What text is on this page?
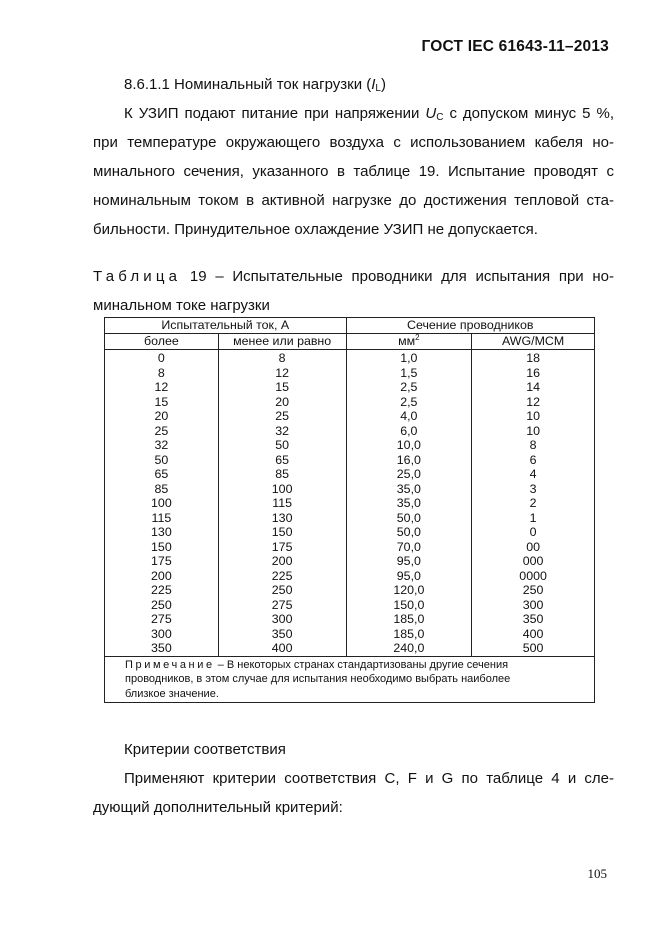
ГОСТ IEC 61643-11–2013
8.6.1.1 Номинальный ток нагрузки $(I_L)$
К УЗИП подают питание при напряжении $U_C$ с допуском минус 5 %,
при температуре окружающего воздуха с использованием кабеля но-
минального сечения, указанного в таблице 19. Испытание проводят с
номинальным током в активной нагрузке до достижения тепловой ста-
бильности. Принудительное охлаждение УЗИП не допускается.
Таблица 19 – Испытательные проводники для испытания при но-
минальном токе нагрузки
Испытательный ток, А		Сечение проводников	
более	менее или равно	$мм^2$	AWG/MCM
0	8	1,0	18
8	12	1,5	16
12	15	2,5	14
15	20	2,5	12
20	25	4,0	10
25	32	6,0	10
32	50	10,0	8
50	65	16,0	6
65	85	25,0	4
85	100	35,0	3
100	115	35,0	2
115	130	50,0	1
130	150	50,0	0
150	175	70,0	00
175	200	95,0	000
200	225	95,0	0000
225	250	120,0	250
250	275	150,0	300
275	300	185,0	350
300	350	185,0	400
350	400	240,0	500

Примечание – В некоторых странах стандартизованы другие сечения
проводников, в этом случае для испытания необходимо выбрать наиболее
близкое значение.			
Критерии соответствия
Применяют критерии соответствия С, F и G по таблице 4 и сле-
дующий дополнительный критерий:
105
